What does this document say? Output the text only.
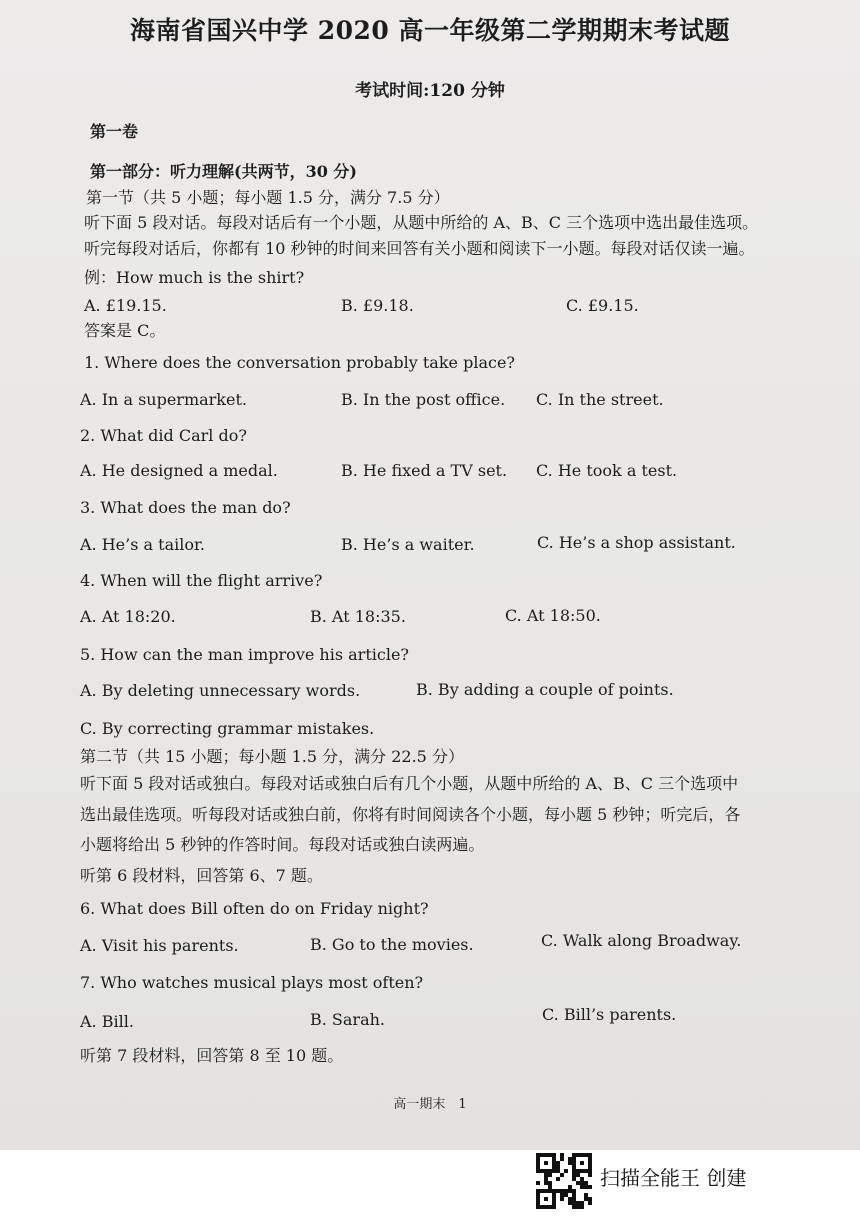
海南省国兴中学 2020 高一年级第二学期期末考试题
考试时间:120 分钟
第一卷
第一部分：听力理解(共两节，30 分)
第一节（共 5 小题；每小题 1.5 分，满分 7.5 分）
听下面 5 段对话。每段对话后有一个小题，从题中所给的 A、B、C 三个选项中选出最佳选项。
听完每段对话后，你都有 10 秒钟的时间来回答有关小题和阅读下一小题。每段对话仅读一遍。
例：How much is the shirt?
A. £19.15.	B. £9.18.	C. £9.15.
答案是 C。
1. Where does the conversation probably take place?
A. In a supermarket.	B. In the post office. C. In the street.
2. What did Carl do?
A. He designed a medal.	B. He fixed a TV set. C. He took a test.
3. What does the man do?
A. He’s a tailor.	B. He’s a waiter.	C. He’s a shop assistant.
4. When will the flight arrive?
A. At 18:20.	B. At 18:35.	C. At 18:50.
5. How can the man improve his article?
A. By deleting unnecessary words.	B. By adding a couple of points.
C. By correcting grammar mistakes.
第二节（共 15 小题；每小题 1.5 分，满分 22.5 分）
听下面 5 段对话或独白。每段对话或独白后有几个小题，从题中所给的 A、B、C 三个选项中
选出最佳选项。听每段对话或独白前，你将有时间阅读各个小题，每小题 5 秒钟；听完后，各
小题将给出 5 秒钟的作答时间。每段对话或独白读两遍。
听第 6 段材料，回答第 6、7 题。
6. What does Bill often do on Friday night?
A. Visit his parents.	B. Go to the movies.	C. Walk along Broadway.
7. Who watches musical plays most often?
A. Bill.	B. Sarah.	C. Bill’s parents.
听第 7 段材料，回答第 8 至 10 题。
高一期末　1
扫描全能王 创建
